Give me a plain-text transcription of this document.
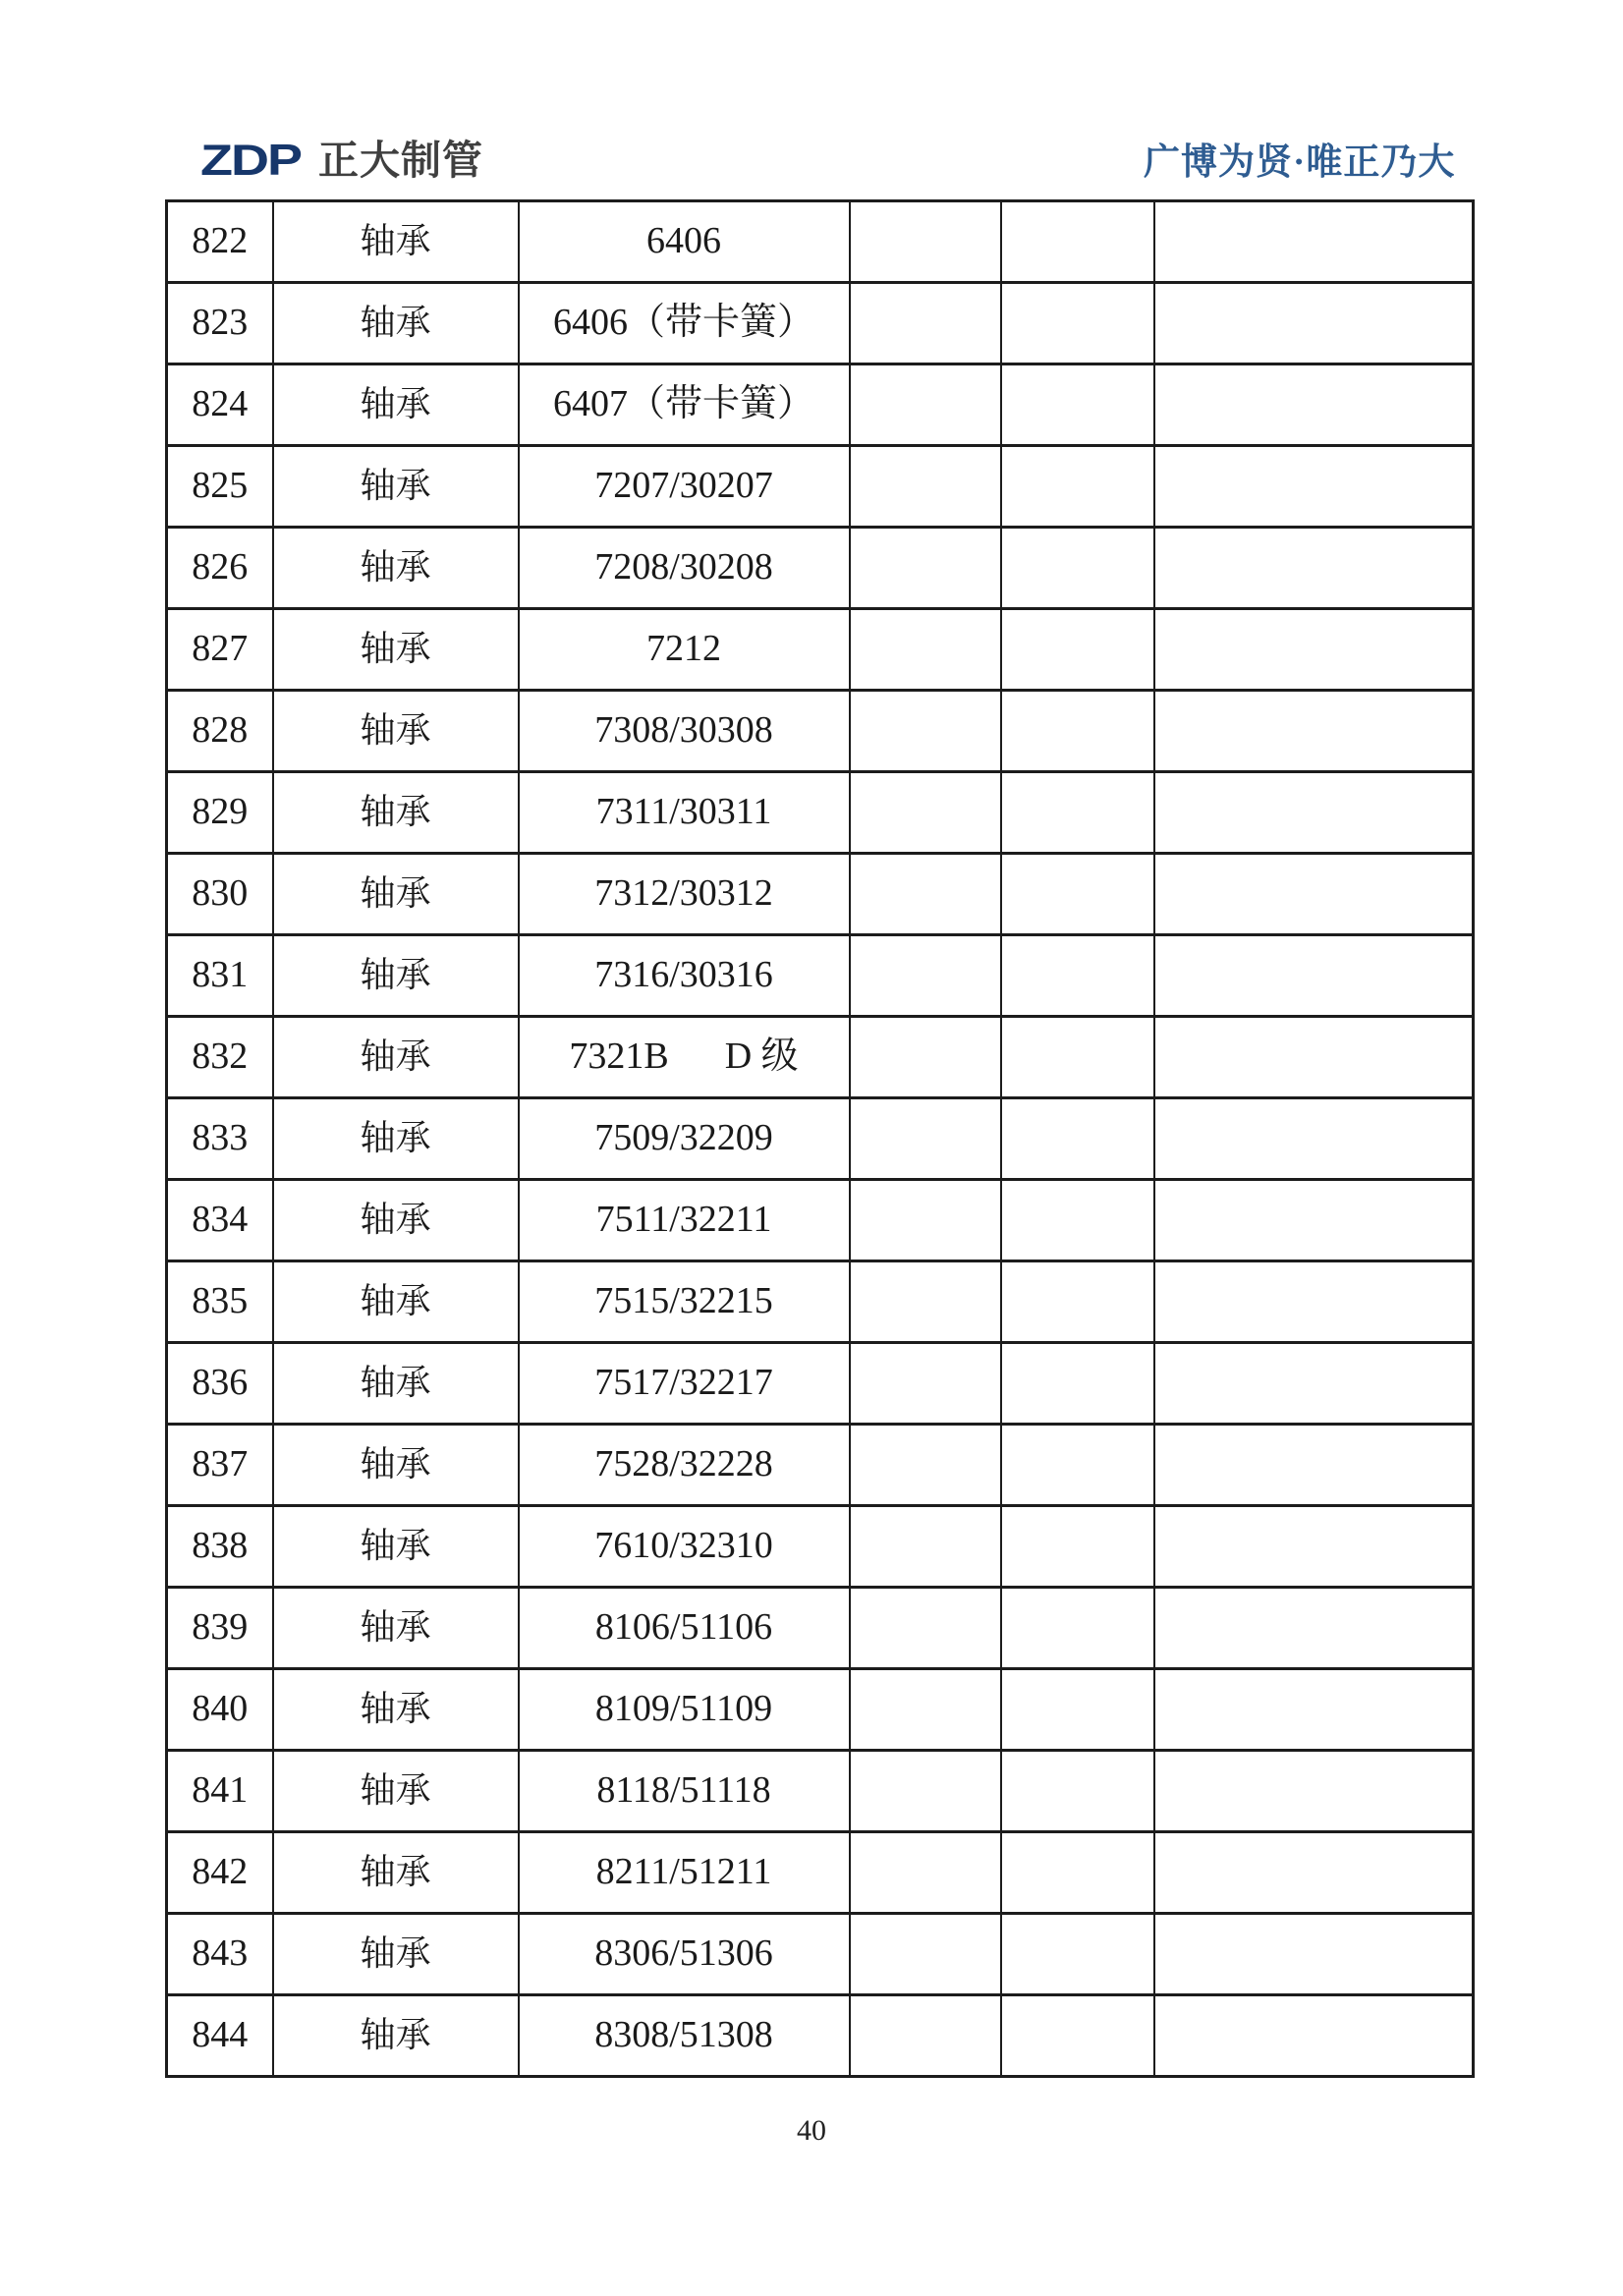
ZDP 正大制管	广博为贤·唯正乃大
822	轴承	6406			
823	轴承	6406（带卡簧）			
824	轴承	6407（带卡簧）			
825	轴承	7207/30207			
826	轴承	7208/30208			
827	轴承	7212			
828	轴承	7308/30308			
829	轴承	7311/30311			
830	轴承	7312/30312			
831	轴承	7316/30316			
832	轴承	7321B      D 级			
833	轴承	7509/32209			
834	轴承	7511/32211			
835	轴承	7515/32215			
836	轴承	7517/32217			
837	轴承	7528/32228			
838	轴承	7610/32310			
839	轴承	8106/51106			
840	轴承	8109/51109			
841	轴承	8118/51118			
842	轴承	8211/51211			
843	轴承	8306/51306			
844	轴承	8308/51308			
40
